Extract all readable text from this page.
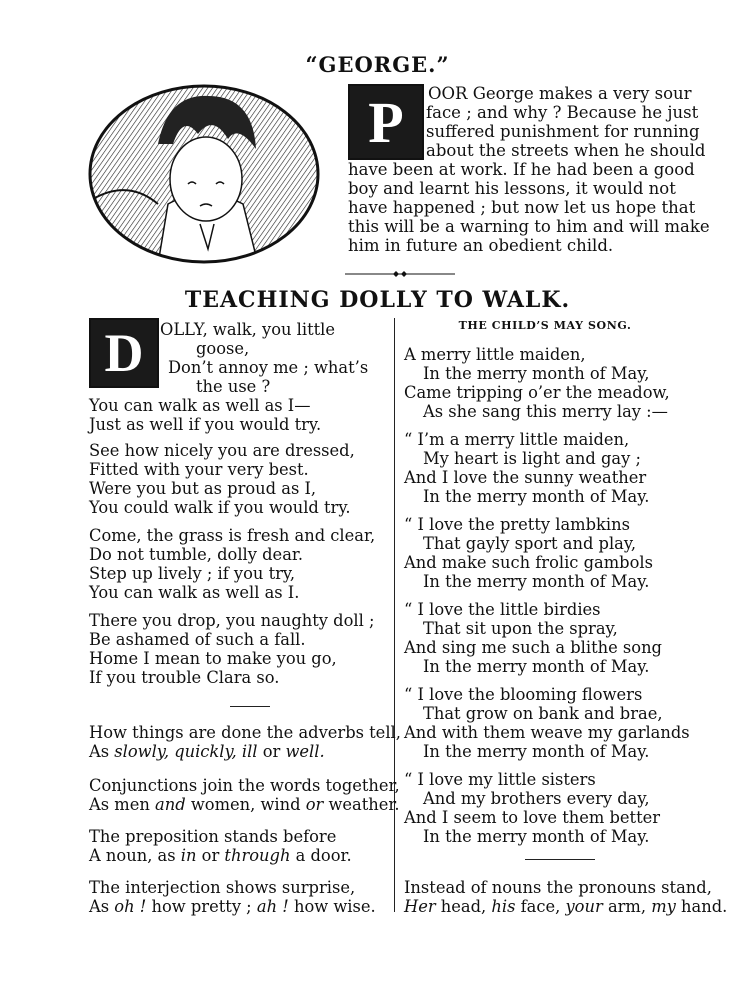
“GEORGE.”
P	OOR George makes a very sour
face ; and why ? Because he just
suffered punishment for running
about the streets when he should
have been at work. If he had been a good
boy and learnt his lessons, it would not
have happened ; but now let us hope that
this will be a warning to him and will make
him in future an obedient child.
TEACHING DOLLY TO WALK.
D	OLLY, walk, you little
goose,
Don’t annoy me ; what’s
the use ?
You can walk as well as I—
Just as well if you would try.
See how nicely you are dressed,
Fitted with your very best.
Were you but as proud as I,
You could walk if you would try.
Come, the grass is fresh and clear,
Do not tumble, dolly dear.
Step up lively ; if you try,
You can walk as well as I.
There you drop, you naughty doll ;
Be ashamed of such a fall.
Home I mean to make you go,
If you trouble Clara so.
How things are done the adverbs tell,
As slowly, quickly, ill or well.
Conjunctions join the words together,
As men and women, wind or weather.
The preposition stands before
A noun, as in or through a door.
The interjection shows surprise,
As oh ! how pretty ; ah ! how wise.
THE CHILD’S MAY SONG.
A merry little maiden,
In the merry month of May,
Came tripping o’er the meadow,
As she sang this merry lay :—
“ I’m a merry little maiden,
My heart is light and gay ;
And I love the sunny weather
In the merry month of May.
“ I love the pretty lambkins
That gayly sport and play,
And make such frolic gambols
In the merry month of May.
“ I love the little birdies
That sit upon the spray,
And sing me such a blithe song
In the merry month of May.
“ I love the blooming flowers
That grow on bank and brae,
And with them weave my garlands
In the merry month of May.
“ I love my little sisters
And my brothers every day,
And I seem to love them better
In the merry month of May.
Instead of nouns the pronouns stand,
Her head, his face, your arm, my hand.
